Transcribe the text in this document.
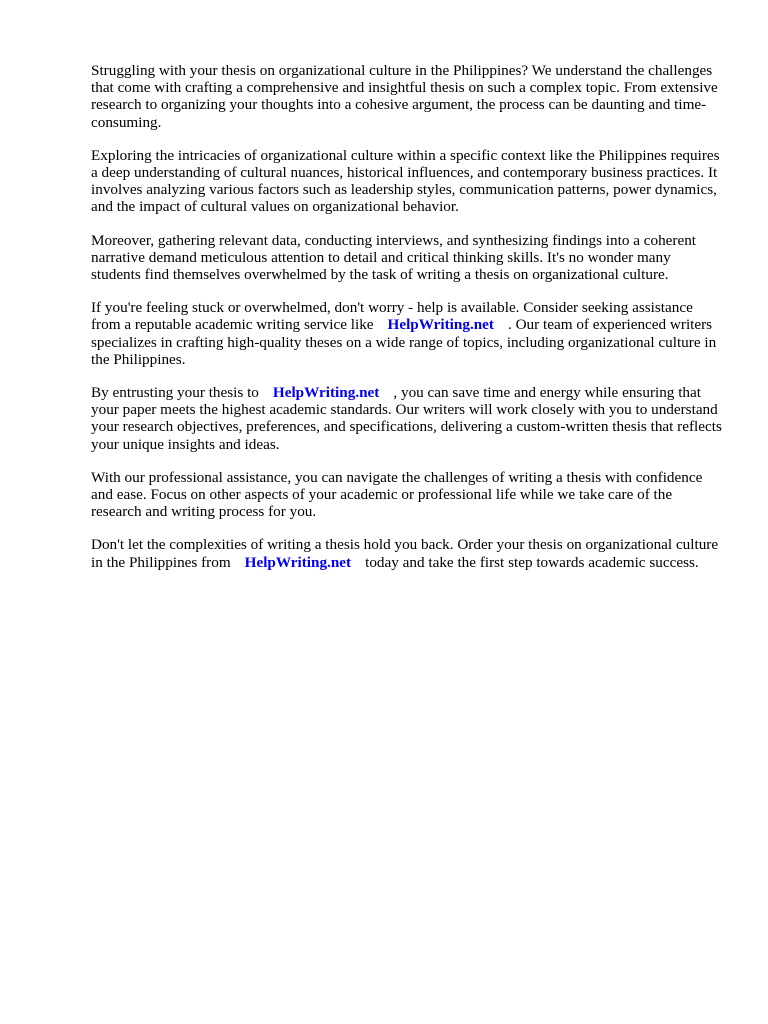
Struggling with your thesis on organizational culture in the Philippines? We understand the challenges that come with crafting a comprehensive and insightful thesis on such a complex topic. From extensive research to organizing your thoughts into a cohesive argument, the process can be daunting and time-consuming.

Exploring the intricacies of organizational culture within a specific context like the Philippines requires a deep understanding of cultural nuances, historical influences, and contemporary business practices. It involves analyzing various factors such as leadership styles, communication patterns, power dynamics, and the impact of cultural values on organizational behavior.

Moreover, gathering relevant data, conducting interviews, and synthesizing findings into a coherent narrative demand meticulous attention to detail and critical thinking skills. It's no wonder many students find themselves overwhelmed by the task of writing a thesis on organizational culture.

If you're feeling stuck or overwhelmed, don't worry - help is available. Consider seeking assistance from a reputable academic writing service like HelpWriting.net . Our team of experienced writers specializes in crafting high-quality theses on a wide range of topics, including organizational culture in the Philippines.

By entrusting your thesis to HelpWriting.net , you can save time and energy while ensuring that your paper meets the highest academic standards. Our writers will work closely with you to understand your research objectives, preferences, and specifications, delivering a custom-written thesis that reflects your unique insights and ideas.

With our professional assistance, you can navigate the challenges of writing a thesis with confidence and ease. Focus on other aspects of your academic or professional life while we take care of the research and writing process for you.

Don't let the complexities of writing a thesis hold you back. Order your thesis on organizational culture in the Philippines from HelpWriting.net today and take the first step towards academic success.
